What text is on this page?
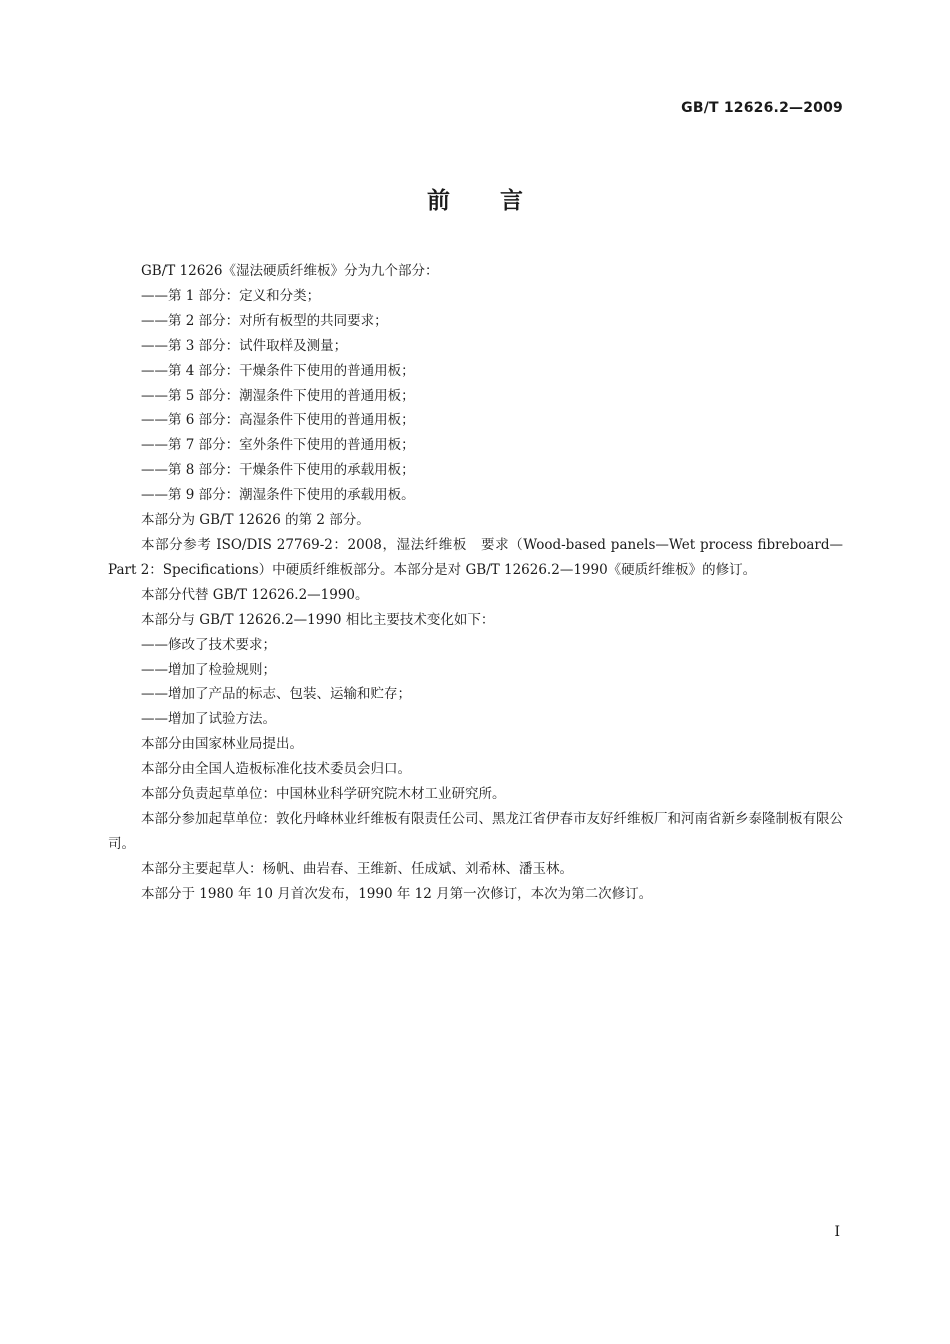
GB/T 12626.2—2009
前言

GB/T 12626《湿法硬质纤维板》分为九个部分：

——第 1 部分：定义和分类；

——第 2 部分：对所有板型的共同要求；

——第 3 部分：试件取样及测量；

——第 4 部分：干燥条件下使用的普通用板；

——第 5 部分：潮湿条件下使用的普通用板；

——第 6 部分：高湿条件下使用的普通用板；

——第 7 部分：室外条件下使用的普通用板；

——第 8 部分：干燥条件下使用的承载用板；

——第 9 部分：潮湿条件下使用的承载用板。

本部分为 GB/T 12626 的第 2 部分。

本部分参考 ISO/DIS 27769-2：2008，湿法纤维板　要求（Wood-based panels—Wet process fibreboard—Part 2：Specifications）中硬质纤维板部分。本部分是对 GB/T 12626.2—1990《硬质纤维板》的修订。

本部分代替 GB/T 12626.2—1990。

本部分与 GB/T 12626.2—1990 相比主要技术变化如下：

——修改了技术要求；

——增加了检验规则；

——增加了产品的标志、包装、运输和贮存；

——增加了试验方法。

本部分由国家林业局提出。

本部分由全国人造板标准化技术委员会归口。

本部分负责起草单位：中国林业科学研究院木材工业研究所。

本部分参加起草单位：敦化丹峰林业纤维板有限责任公司、黑龙江省伊春市友好纤维板厂和河南省新乡泰隆制板有限公司。

本部分主要起草人：杨帆、曲岩春、王维新、任成斌、刘希林、潘玉林。

本部分于 1980 年 10 月首次发布，1990 年 12 月第一次修订，本次为第二次修订。

I
